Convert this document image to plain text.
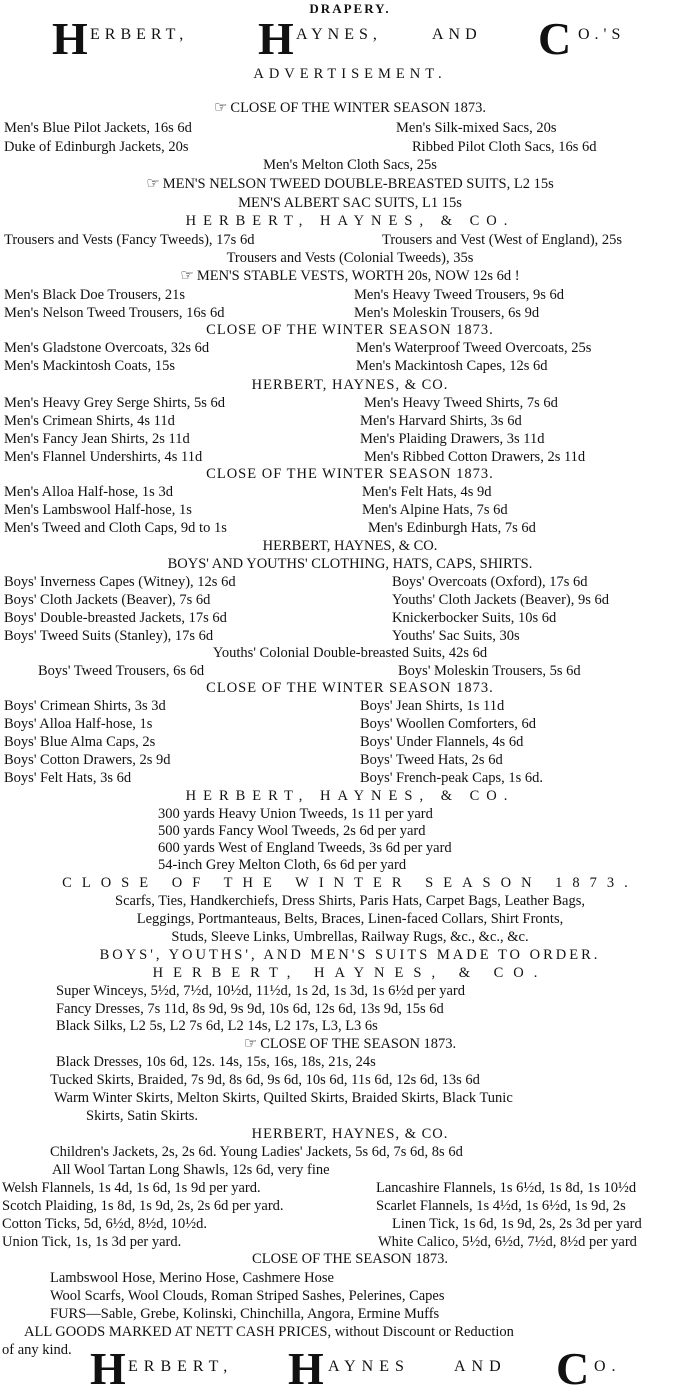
DRAPERY.
H ERBERT, H AYNES,	AND C O.'S
ADVERTISEMENT.
☞ CLOSE OF THE WINTER SEASON 1873.
Men's Blue Pilot Jackets, 16s 6d	Men's Silk-mixed Sacs, 20s
Duke of Edinburgh Jackets, 20s	Ribbed Pilot Cloth Sacs, 16s 6d
Men's Melton Cloth Sacs, 25s
☞ MEN'S NELSON TWEED DOUBLE-BREASTED SUITS, L2 15s
MEN'S ALBERT SAC SUITS, L1 15s
HERBERT, HAYNES, & CO.
Trousers and Vests (Fancy Tweeds), 17s 6d	Trousers and Vest (West of England), 25s
Trousers and Vests (Colonial Tweeds), 35s
☞ MEN'S STABLE VESTS, WORTH 20s, NOW 12s 6d !
Men's Black Doe Trousers, 21s	Men's Heavy Tweed Trousers, 9s 6d
Men's Nelson Tweed Trousers, 16s 6d	Men's Moleskin Trousers, 6s 9d
CLOSE OF THE WINTER SEASON 1873.
Men's Gladstone Overcoats, 32s 6d	Men's Waterproof Tweed Overcoats, 25s
Men's Mackintosh Coats, 15s	Men's Mackintosh Capes, 12s 6d
HERBERT, HAYNES, & CO.
Men's Heavy Grey Serge Shirts, 5s 6d	Men's Heavy Tweed Shirts, 7s 6d
Men's Crimean Shirts, 4s 11d	Men's Harvard Shirts, 3s 6d
Men's Fancy Jean Shirts, 2s 11d	Men's Plaiding Drawers, 3s 11d
Men's Flannel Undershirts, 4s 11d	Men's Ribbed Cotton Drawers, 2s 11d
CLOSE OF THE WINTER SEASON 1873.
Men's Alloa Half-hose, 1s 3d	Men's Felt Hats, 4s 9d
Men's Lambswool Half-hose, 1s	Men's Alpine Hats, 7s 6d
Men's Tweed and Cloth Caps, 9d to 1s	Men's Edinburgh Hats, 7s 6d
HERBERT, HAYNES, & CO.
BOYS' AND YOUTHS' CLOTHING, HATS, CAPS, SHIRTS.
Boys' Inverness Capes (Witney), 12s 6d	Boys' Overcoats (Oxford), 17s 6d
Boys' Cloth Jackets (Beaver), 7s 6d	Youths' Cloth Jackets (Beaver), 9s 6d
Boys' Double-breasted Jackets, 17s 6d	Knickerbocker Suits, 10s 6d
Boys' Tweed Suits (Stanley), 17s 6d	Youths' Sac Suits, 30s
Youths' Colonial Double-breasted Suits, 42s 6d
Boys' Tweed Trousers, 6s 6d	Boys' Moleskin Trousers, 5s 6d
CLOSE OF THE WINTER SEASON 1873.
Boys' Crimean Shirts, 3s 3d	Boys' Jean Shirts, 1s 11d
Boys' Alloa Half-hose, 1s	Boys' Woollen Comforters, 6d
Boys' Blue Alma Caps, 2s	Boys' Under Flannels, 4s 6d
Boys' Cotton Drawers, 2s 9d	Boys' Tweed Hats, 2s 6d
Boys' Felt Hats, 3s 6d	Boys' French-peak Caps, 1s 6d.
HERBERT, HAYNES, & CO.
300 yards Heavy Union Tweeds, 1s 11 per yard
500 yards Fancy Wool Tweeds, 2s 6d per yard
600 yards West of England Tweeds, 3s 6d per yard
54-inch Grey Melton Cloth, 6s 6d per yard
CLOSE OF THE WINTER SEASON 1873.
Scarfs, Ties, Handkerchiefs, Dress Shirts, Paris Hats, Carpet Bags, Leather Bags,
Leggings, Portmanteaus, Belts, Braces, Linen-faced Collars, Shirt Fronts,
Studs, Sleeve Links, Umbrellas, Railway Rugs, &c., &c., &c.
BOYS', YOUTHS', AND MEN'S SUITS MADE TO ORDER.
HERBERT, HAYNES, & CO.
Super Winceys, 5½d, 7½d, 10½d, 11½d, 1s 2d, 1s 3d, 1s 6½d per yard
Fancy Dresses, 7s 11d, 8s 9d, 9s 9d, 10s 6d, 12s 6d, 13s 9d, 15s 6d
Black Silks, L2 5s, L2 7s 6d, L2 14s, L2 17s, L3, L3 6s
☞ CLOSE OF THE SEASON 1873.
Black Dresses, 10s 6d, 12s. 14s, 15s, 16s, 18s, 21s, 24s
Tucked Skirts, Braided, 7s 9d, 8s 6d, 9s 6d, 10s 6d, 11s 6d, 12s 6d, 13s 6d
Warm Winter Skirts, Melton Skirts, Quilted Skirts, Braided Skirts, Black Tunic
Skirts, Satin Skirts.
HERBERT, HAYNES, & CO.
Children's Jackets, 2s, 2s 6d. Young Ladies' Jackets, 5s 6d, 7s 6d, 8s 6d
All Wool Tartan Long Shawls, 12s 6d, very fine
Welsh Flannels, 1s 4d, 1s 6d, 1s 9d per yard.	Lancashire Flannels, 1s 6½d, 1s 8d, 1s 10½d
Scotch Plaiding, 1s 8d, 1s 9d, 2s, 2s 6d per yard.	Scarlet Flannels, 1s 4½d, 1s 6½d, 1s 9d, 2s
Cotton Ticks, 5d, 6½d, 8½d, 10½d.	Linen Tick, 1s 6d, 1s 9d, 2s, 2s 3d per yard
Union Tick, 1s, 1s 3d per yard.	White Calico, 5½d, 6½d, 7½d, 8½d per yard
CLOSE OF THE SEASON 1873.
Lambswool Hose, Merino Hose, Cashmere Hose
Wool Scarfs, Wool Clouds, Roman Striped Sashes, Pelerines, Capes
FURS—Sable, Grebe, Kolinski, Chinchilla, Angora, Ermine Muffs
ALL GOODS MARKED AT NETT CASH PRICES, without Discount or Reduction
of any kind. H ERBERT, H AYNES	AND C O.
